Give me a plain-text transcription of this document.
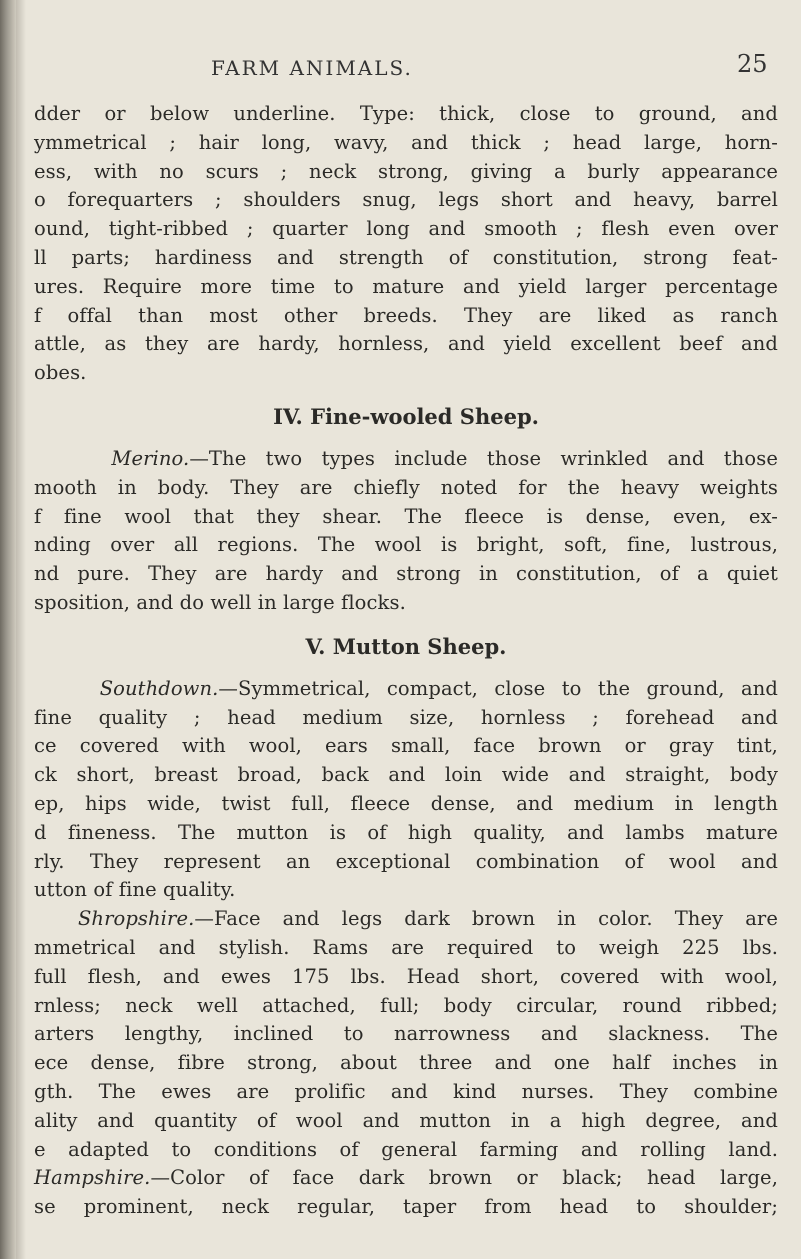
FARM ANIMALS.	25
dder or below underline. Type: thick, close to ground, and
ymmetrical ; hair long, wavy, and thick ; head large, horn-
ess, with no scurs ; neck strong, giving a burly appearance
o forequarters ; shoulders snug, legs short and heavy, barrel
ound, tight-ribbed ; quarter long and smooth ; flesh even over
ll parts; hardiness and strength of constitution, strong feat-
ures. Require more time to mature and yield larger percentage
f offal than most other breeds. They are liked as ranch
attle, as they are hardy, hornless, and yield excellent beef and
obes.
IV. Fine-wooled Sheep.
Merino.—The two types include those wrinkled and those
mooth in body. They are chiefly noted for the heavy weights
f fine wool that they shear. The fleece is dense, even, ex-
nding over all regions. The wool is bright, soft, fine, lustrous,
nd pure. They are hardy and strong in constitution, of a quiet
sposition, and do well in large flocks.
V. Mutton Sheep.
Southdown.—Symmetrical, compact, close to the ground, and
fine quality ; head medium size, hornless ; forehead and
ce covered with wool, ears small, face brown or gray tint,
ck short, breast broad, back and loin wide and straight, body
ep, hips wide, twist full, fleece dense, and medium in length
d fineness. The mutton is of high quality, and lambs mature
rly. They represent an exceptional combination of wool and
utton of fine quality.
Shropshire.—Face and legs dark brown in color. They are
mmetrical and stylish. Rams are required to weigh 225 lbs.
full flesh, and ewes 175 lbs. Head short, covered with wool,
rnless; neck well attached, full; body circular, round ribbed;
arters lengthy, inclined to narrowness and slackness. The
ece dense, fibre strong, about three and one half inches in
gth. The ewes are prolific and kind nurses. They combine
ality and quantity of wool and mutton in a high degree, and
e adapted to conditions of general farming and rolling land.
Hampshire.—Color of face dark brown or black; head large,
se prominent, neck regular, taper from head to shoulder;
